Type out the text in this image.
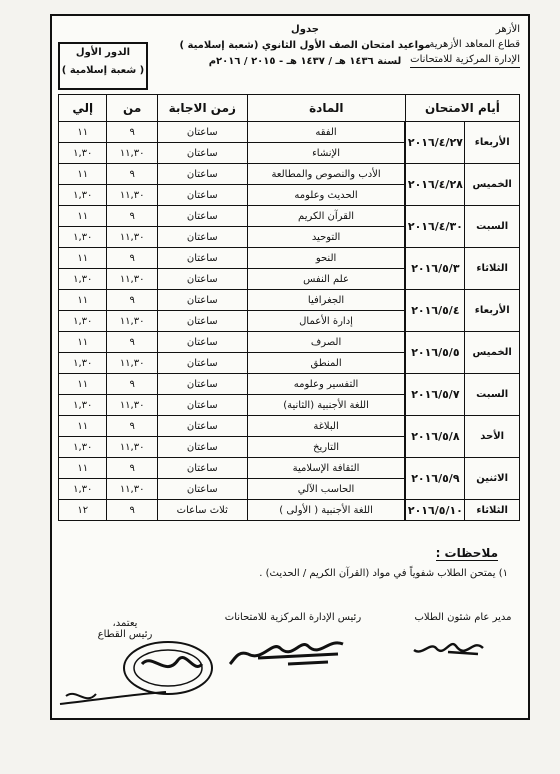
الأزهر
قطاع المعاهد الأزهرية
الإدارة المركزية للامتحانات
جدول
مواعيد امتحان الصف الأول الثانوي (شعبة إسلامية )
لسنة ١٤٣٦ هـ / ١٤٣٧ هـ - ٢٠١٥ / ٢٠١٦م
الدور الأول
( شعبة إسلامية )
أيام الامتحان		المادة	زمن الاجابة	من	إلي
الأربعاء	٢٠١٦/٤/٢٧	الفقه	ساعتان	٩	١١
		الإنشاء	ساعتان	١١,٣٠	١,٣٠
الخميس	٢٠١٦/٤/٢٨	الأدب والنصوص والمطالعة	ساعتان	٩	١١
		الحديث وعلومه	ساعتان	١١,٣٠	١,٣٠
السبت	٢٠١٦/٤/٣٠	القرآن الكريم	ساعتان	٩	١١
		التوحيد	ساعتان	١١,٣٠	١,٣٠
الثلاثاء	٢٠١٦/٥/٣	النحو	ساعتان	٩	١١
		علم النفس	ساعتان	١١,٣٠	١,٣٠
الأربعاء	٢٠١٦/٥/٤	الجغرافيا	ساعتان	٩	١١
		إدارة الأعمال	ساعتان	١١,٣٠	١,٣٠
الخميس	٢٠١٦/٥/٥	الصرف	ساعتان	٩	١١
		المنطق	ساعتان	١١,٣٠	١,٣٠
السبت	٢٠١٦/٥/٧	التفسير وعلومه	ساعتان	٩	١١
		اللغة الأجنبية (الثانية)	ساعتان	١١,٣٠	١,٣٠
الأحد	٢٠١٦/٥/٨	البلاغة	ساعتان	٩	١١
		التاريخ	ساعتان	١١,٣٠	١,٣٠
الاثنين	٢٠١٦/٥/٩	الثقافة الإسلامية	ساعتان	٩	١١
		الحاسب الآلي	ساعتان	١١,٣٠	١,٣٠
الثلاثاء	٢٠١٦/٥/١٠	اللغة الأجنبية ( الأولى )	ثلاث ساعات	٩	١٢
ملاحظات :
١) يمتحن الطلاب شفوياً في مواد (القرآن الكريم / الحديث) .
مدير عام شئون الطلاب
رئيس الإدارة المركزية للامتحانات
يعتمد،
رئيس القطاع
